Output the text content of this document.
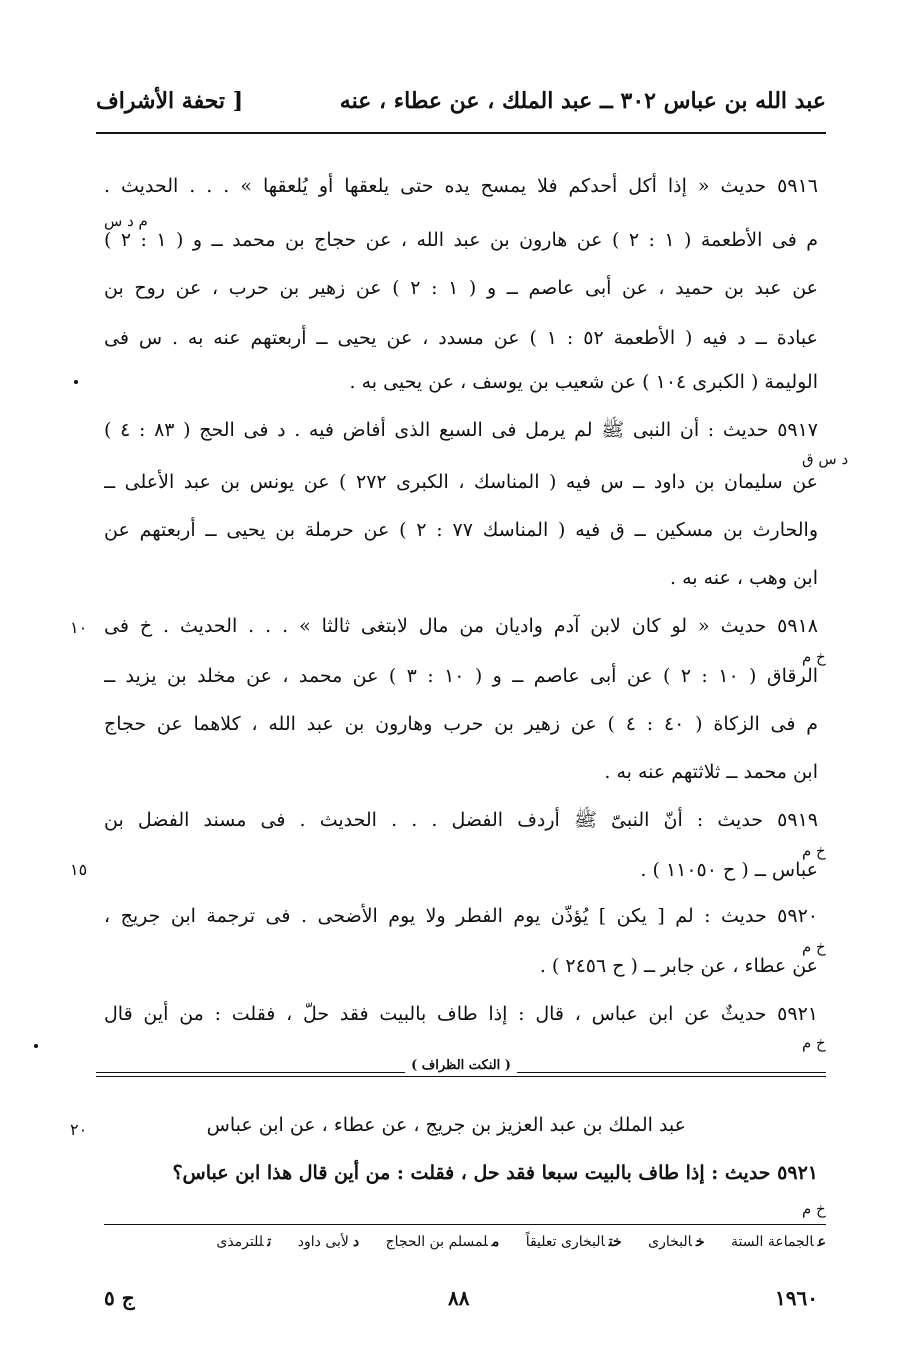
عبد الله بن عباس ٣٠٢ ــ عبد الملك ، عن عطاء ، عنه
[ تحفة الأشراف
٥٩١٦ حديث « إذا أكل أحدكم فلا يمسح يده حتى يلعقها أو يُلعقها » . . . الحديث .
م فى الأطعمة ( ١ : ٢ ) عن هارون بن عبد الله ، عن حجاج بن محمد ــ و ( ١ : ٢ )
عن عبد بن حميد ، عن أبى عاصم ــ و ( ١ : ٢ ) عن زهير بن حرب ، عن روح بن
عبادة ــ د فيه ( الأطعمة ٥٢ : ١ ) عن مسدد ، عن يحيى ــ أربعتهم عنه به . س فى
الوليمة ( الكبرى ١٠٤ ) عن شعيب بن يوسف ، عن يحيى به .
٥٩١٧ حديث : أن النبى ﷺ لم يرمل فى السبع الذى أفاض فيه . د فى الحج ( ٨٣ : ٤ )
عن سليمان بن داود ــ س فيه ( المناسك ، الكبرى ٢٧٢ ) عن يونس بن عبد الأعلى ــ
والحارث بن مسكين ــ ق فيه ( المناسك ٧٧ : ٢ ) عن حرملة بن يحيى ــ أربعتهم عن
ابن وهب ، عنه به .
٥٩١٨ حديث « لو كان لابن آدم واديان من مال لابتغى ثالثا » . . . الحديث . خ فى
الرقاق ( ١٠ : ٢ ) عن أبى عاصم ــ و ( ١٠ : ٣ ) عن محمد ، عن مخلد بن يزيد ــ
م فى الزكاة ( ٤٠ : ٤ ) عن زهير بن حرب وهارون بن عبد الله ، كلاهما عن حجاج
ابن محمد ــ ثلاثتهم عنه به .
٥٩١٩ حديث : أنّ النبىّ ﷺ أردف الفضل . . . الحديث . فى مسند الفضل بن
عباس ــ ( ح ١١٠٥٠ ) .
٥٩٢٠ حديث : لم [ يكن ] يُؤذّن يوم الفطر ولا يوم الأضحى . فى ترجمة ابن جريج ،
عن عطاء ، عن جابر ــ ( ح ٢٤٥٦ ) .
٥٩٢١ حديثٌ عن ابن عباس ، قال : إذا طاف بالبيت فقد حلّ ، فقلت : من أين قال
م د س
د س ق
خ م
خ م
خ م
خ م
١٠
١٥
٢٠
( النكت الظراف )
عبد الملك بن عبد العزيز بن جريج ، عن عطاء ، عن ابن عباس
٥٩٢١ حديث : إذا طاف بالبيت سبعا فقد حل ، فقلت : من أين قال هذا ابن عباس؟
خ م
عالجماعة الستة خالبخارى ختالبخارى تعليقاً ملمسلم بن الحجاج دلأبى داود تللترمذى
١٩٦٠
٨٨
ج ٥
